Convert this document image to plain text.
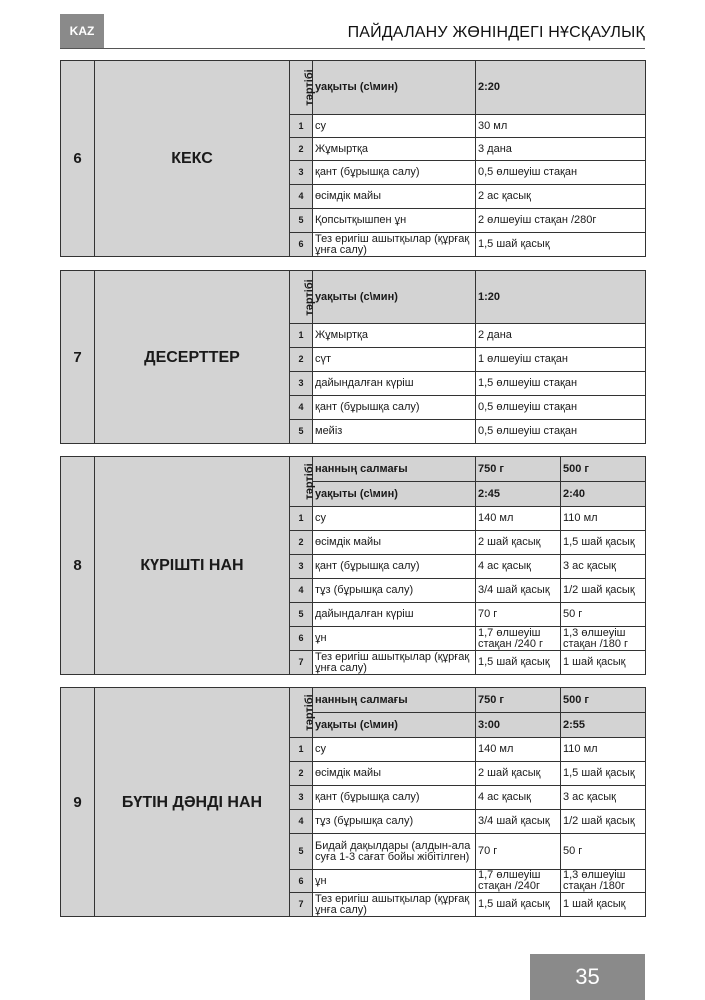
KAZ	ПАЙДАЛАНУ ЖӨНІНДЕГІ НҰСҚАУЛЫҚ
6	КЕКС	тәртібі	уақыты (с\мин)	2:20
		1	су	30 мл
		2	Жұмыртқа	3 дана
		3	қант (бұрышқа салу)	0,5 өлшеуіш стақан
		4	өсімдік майы	2 ас қасық
		5	Қопсытқышпен ұн	2 өлшеуіш стақан /280г
		6	Тез еригіш ашытқылар (құрғақ ұнға салу)	1,5 шай қасық
7	ДЕСЕРТТЕР	тәртібі	уақыты (с\мин)	1:20
		1	Жұмыртқа	2 дана
		2	сүт	1 өлшеуіш стақан
		3	дайындалған күріш	1,5 өлшеуіш стақан
		4	қант (бұрышқа салу)	0,5 өлшеуіш стақан
		5	мейіз	0,5 өлшеуіш стақан
8	КҮРІШТІ НАН	тәртібі	нанның салмағы	750 г	500 г
			уақыты (с\мин)	2:45	2:40
		1	су	140 мл	110 мл
		2	өсімдік майы	2 шай қасық	1,5 шай қасық
		3	қант (бұрышқа салу)	4 ас қасық	3 ас қасық
		4	тұз (бұрышқа салу)	3/4 шай қасық	1/2 шай қасық
		5	дайындалған күріш	70 г	50 г
		6	ұн	1,7 өлшеуіш стақан /240 г	1,3 өлшеуіш стақан /180 г
		7	Тез еригіш ашытқылар (құрғақ ұнға салу)	1,5 шай қасық	1 шай қасық
9	БҮТІН ДӘНДІ НАН	тәртібі	нанның салмағы	750 г	500 г
			уақыты (с\мин)	3:00	2:55
		1	су	140 мл	110 мл
		2	өсімдік майы	2 шай қасық	1,5 шай қасық
		3	қант (бұрышқа салу)	4 ас қасық	3 ас қасық
		4	тұз (бұрышқа салу)	3/4 шай қасық	1/2 шай қасық
		5	Бидай дақылдары (алдын-ала суға 1-3 сағат бойы жібітілген)	70 г	50 г
		6	ұн	1,7 өлшеуіш стақан /240г	1,3 өлшеуіш стақан /180г
		7	Тез еригіш ашытқылар (құрғақ ұнға салу)	1,5 шай қасық	1 шай қасық
35
